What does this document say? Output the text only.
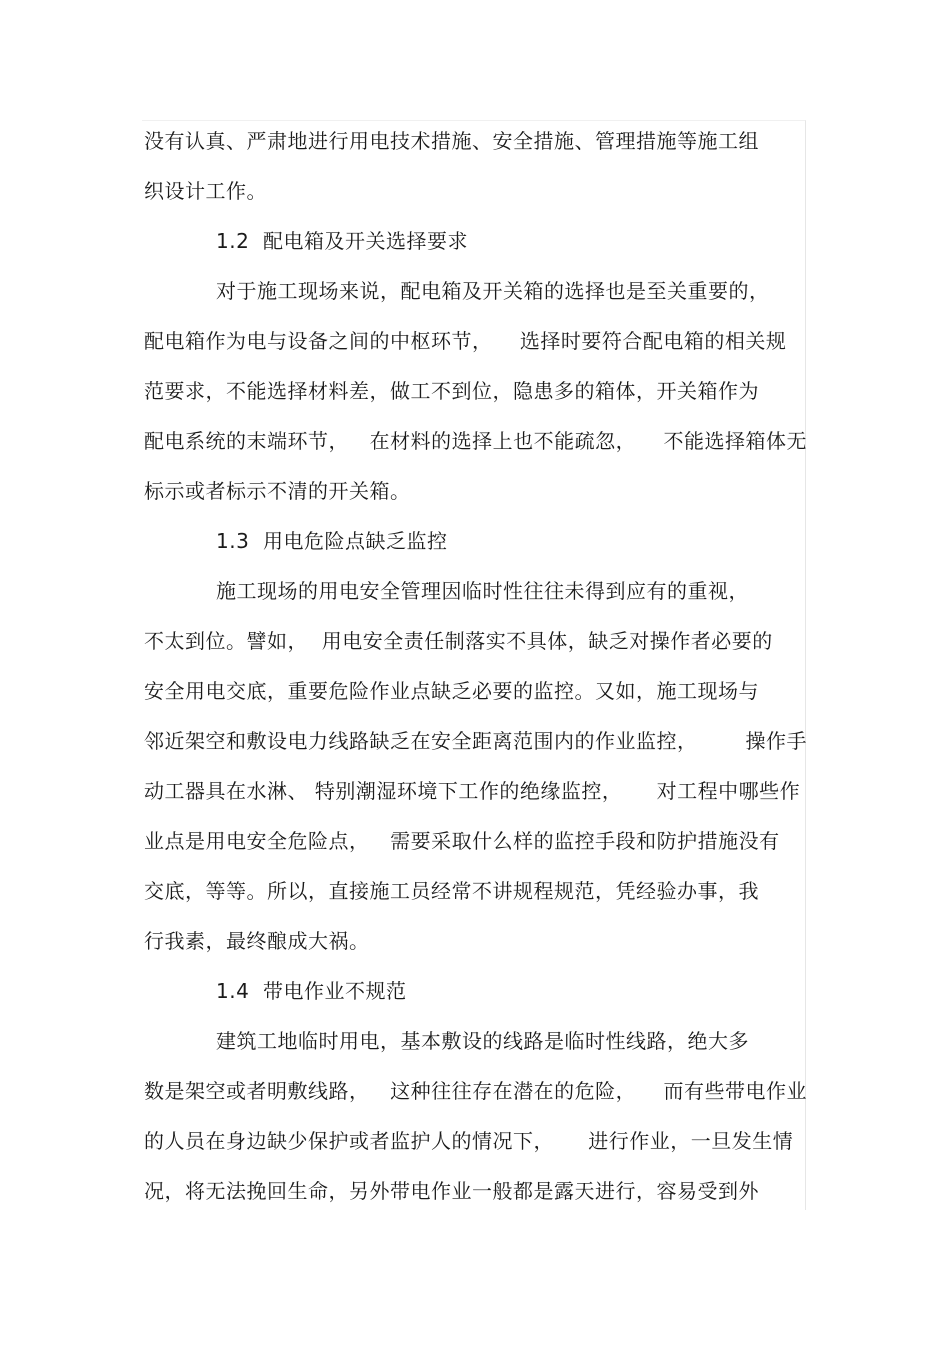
没有认真、严肃地进行用电技术措施、安全措施、管理措施等施工组
织设计工作。
1.2  配电箱及开关选择要求
对于施工现场来说，配电箱及开关箱的选择也是至关重要的，
配电箱作为电与设备之间的中枢环节，    选择时要符合配电箱的相关规
范要求，不能选择材料差，做工不到位，隐患多的箱体，开关箱作为
配电系统的末端环节，   在材料的选择上也不能疏忽，    不能选择箱体无
标示或者标示不清的开关箱。
1.3  用电危险点缺乏监控
施工现场的用电安全管理因临时性往往未得到应有的重视，
不太到位。譬如，  用电安全责任制落实不具体，缺乏对操作者必要的
安全用电交底，重要危险作业点缺乏必要的监控。又如，施工现场与
邻近架空和敷设电力线路缺乏在安全距离范围内的作业监控，       操作手
动工器具在水淋、 特别潮湿环境下工作的绝缘监控，     对工程中哪些作
业点是用电安全危险点，   需要采取什么样的监控手段和防护措施没有
交底，等等。所以，直接施工员经常不讲规程规范，凭经验办事，我
行我素，最终酿成大祸。
1.4  带电作业不规范
建筑工地临时用电，基本敷设的线路是临时性线路，绝大多
数是架空或者明敷线路，   这种往往存在潜在的危险，    而有些带电作业
的人员在身边缺少保护或者监护人的情况下，     进行作业，一旦发生情
况，将无法挽回生命，另外带电作业一般都是露天进行，容易受到外
